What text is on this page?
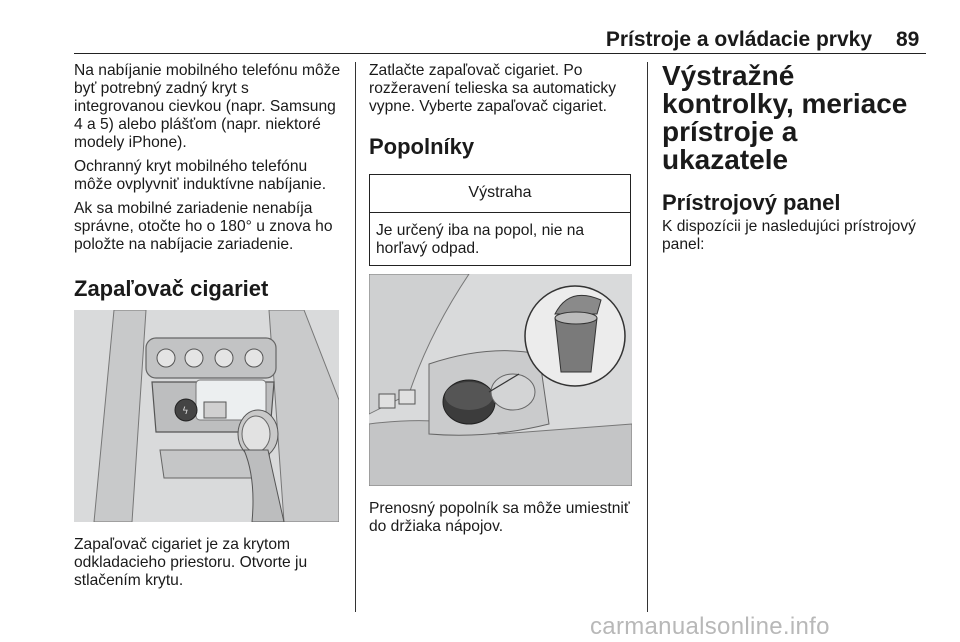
Prístroje a ovládacie prvky 89

Na nabíjanie mobilného telefónu môže byť potrebný zadný kryt s integrovanou cievkou (napr. Samsung 4 a 5) alebo plášťom (napr. niektoré modely iPhone).

Ochranný kryt mobilného telefónu môže ovplyvniť induktívne nabíjanie.

Ak sa mobilné zariadenie nenabíja správne, otočte ho o 180° u znova ho položte na nabíjacie zariadenie.

Zapaľovač cigariet
ϟ

Zapaľovač cigariet je za krytom odkladacieho priestoru. Otvorte ju stlačením krytu.

Zatlačte zapaľovač cigariet. Po rozžeravení telieska sa automaticky vypne. Vyberte zapaľovač cigariet.

Popolníky
Výstraha
Je určený iba na popol, nie na horľavý odpad.

Prenosný popolník sa môže umiestniť do držiaka nápojov.

Výstražné kontrolky, meriace prístroje a ukazatele
Prístrojový panel

K dispozícii je nasledujúci prístrojový panel:

carmanualsonline.info
